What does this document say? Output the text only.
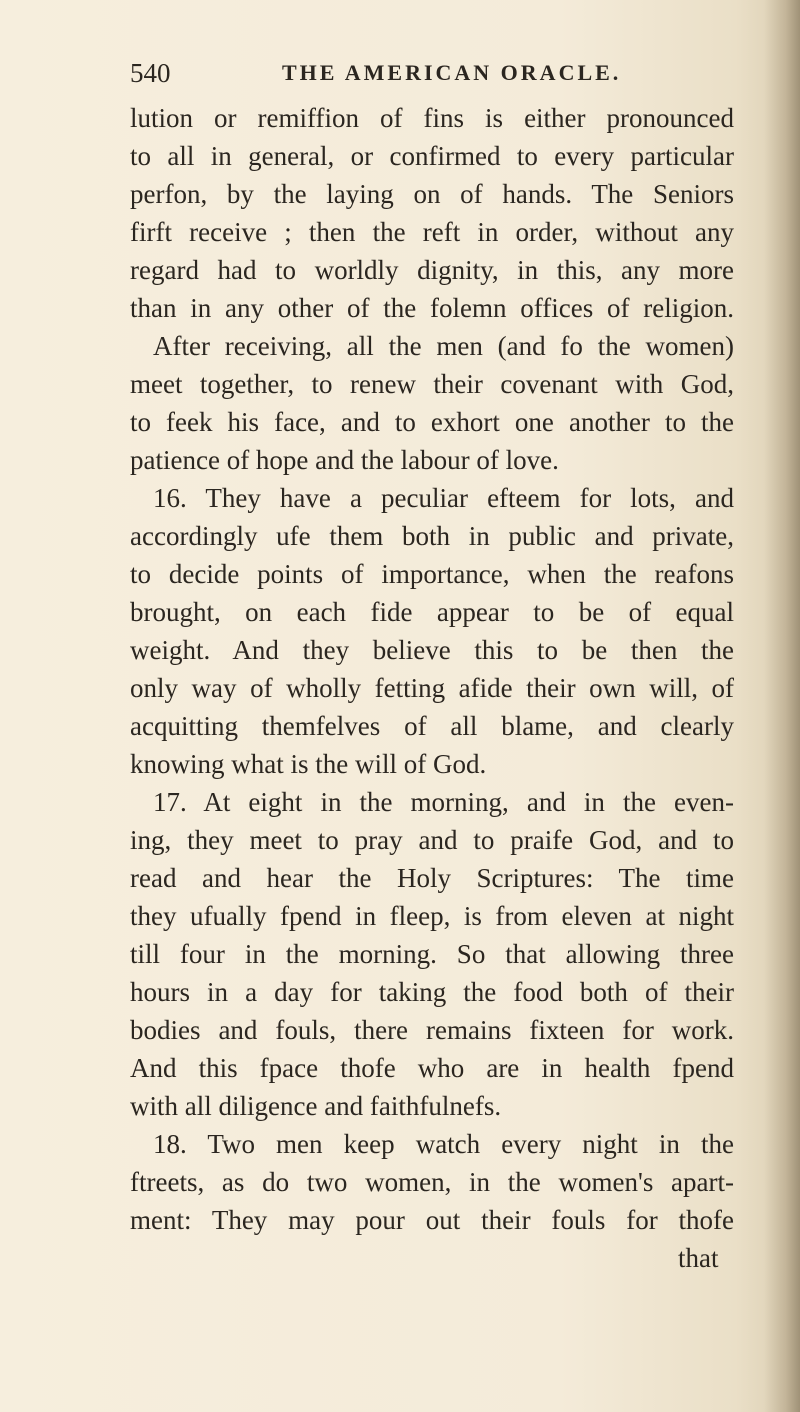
540	THE AMERICAN ORACLE.
lution or remiffion of fins is either pronounced
to all in general, or confirmed to every particular
perfon, by the laying on of hands. The Seniors
firft receive ; then the reft in order, without any
regard had to worldly dignity, in this, any more
than in any other of the folemn offices of religion.
After receiving, all the men (and fo the women)
meet together, to renew their covenant with God,
to feek his face, and to exhort one another to the
patience of hope and the labour of love.
16. They have a peculiar efteem for lots, and
accordingly ufe them both in public and private,
to decide points of importance, when the reafons
brought, on each fide appear to be of equal
weight. And they believe this to be then the
only way of wholly fetting afide their own will, of
acquitting themfelves of all blame, and clearly
knowing what is the will of God.
17. At eight in the morning, and in the even-
ing, they meet to pray and to praife God, and to
read and hear the Holy Scriptures: The time
they ufually fpend in fleep, is from eleven at night
till four in the morning. So that allowing three
hours in a day for taking the food both of their
bodies and fouls, there remains fixteen for work.
And this fpace thofe who are in health fpend
with all diligence and faithfulnefs.
18. Two men keep watch every night in the
ftreets, as do two women, in the women's apart-
ment: They may pour out their fouls for thofe
that
